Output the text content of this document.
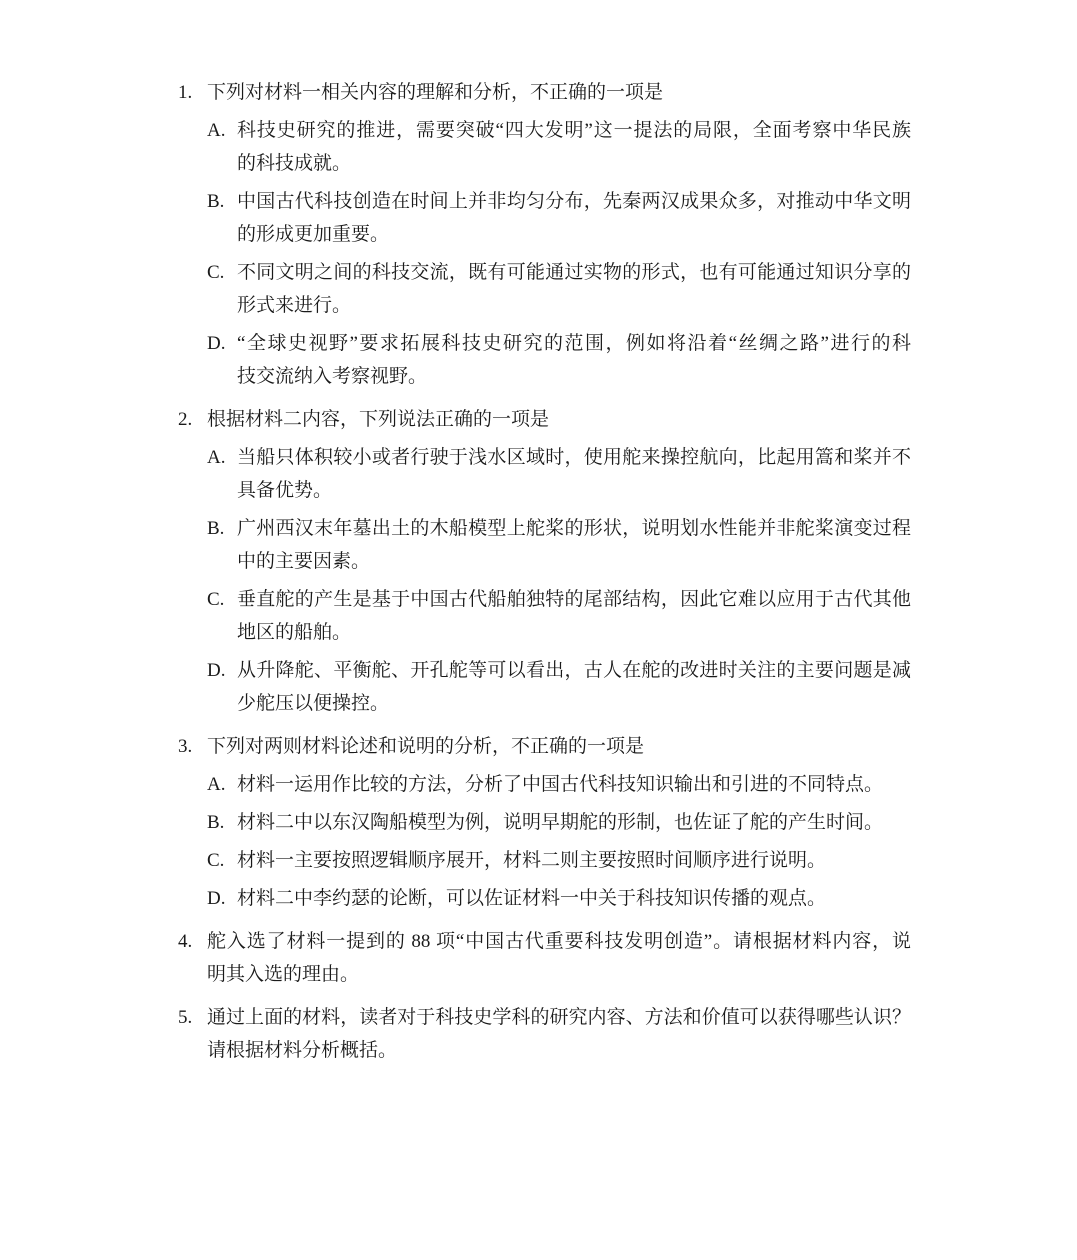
1. 下列对材料一相关内容的理解和分析，不正确的一项是
A. 科技史研究的推进，需要突破“四大发明”这一提法的局限，全面考察中华民族
的科技成就。
B. 中国古代科技创造在时间上并非均匀分布，先秦两汉成果众多，对推动中华文明
的形成更加重要。
C. 不同文明之间的科技交流，既有可能通过实物的形式，也有可能通过知识分享的
形式来进行。
D. “全球史视野”要求拓展科技史研究的范围，例如将沿着“丝绸之路”进行的科
技交流纳入考察视野。
2. 根据材料二内容，下列说法正确的一项是
A. 当船只体积较小或者行驶于浅水区域时，使用舵来操控航向，比起用篙和桨并不
具备优势。
B. 广州西汉末年墓出土的木船模型上舵桨的形状，说明划水性能并非舵桨演变过程
中的主要因素。
C. 垂直舵的产生是基于中国古代船舶独特的尾部结构，因此它难以应用于古代其他
地区的船舶。
D. 从升降舵、平衡舵、开孔舵等可以看出，古人在舵的改进时关注的主要问题是减
少舵压以便操控。
3. 下列对两则材料论述和说明的分析，不正确的一项是
A. 材料一运用作比较的方法，分析了中国古代科技知识输出和引进的不同特点。
B. 材料二中以东汉陶船模型为例，说明早期舵的形制，也佐证了舵的产生时间。
C. 材料一主要按照逻辑顺序展开，材料二则主要按照时间顺序进行说明。
D. 材料二中李约瑟的论断，可以佐证材料一中关于科技知识传播的观点。
4. 舵入选了材料一提到的 88 项“中国古代重要科技发明创造”。请根据材料内容，说
明其入选的理由。
5. 通过上面的材料，读者对于科技史学科的研究内容、方法和价值可以获得哪些认识？
请根据材料分析概括。
